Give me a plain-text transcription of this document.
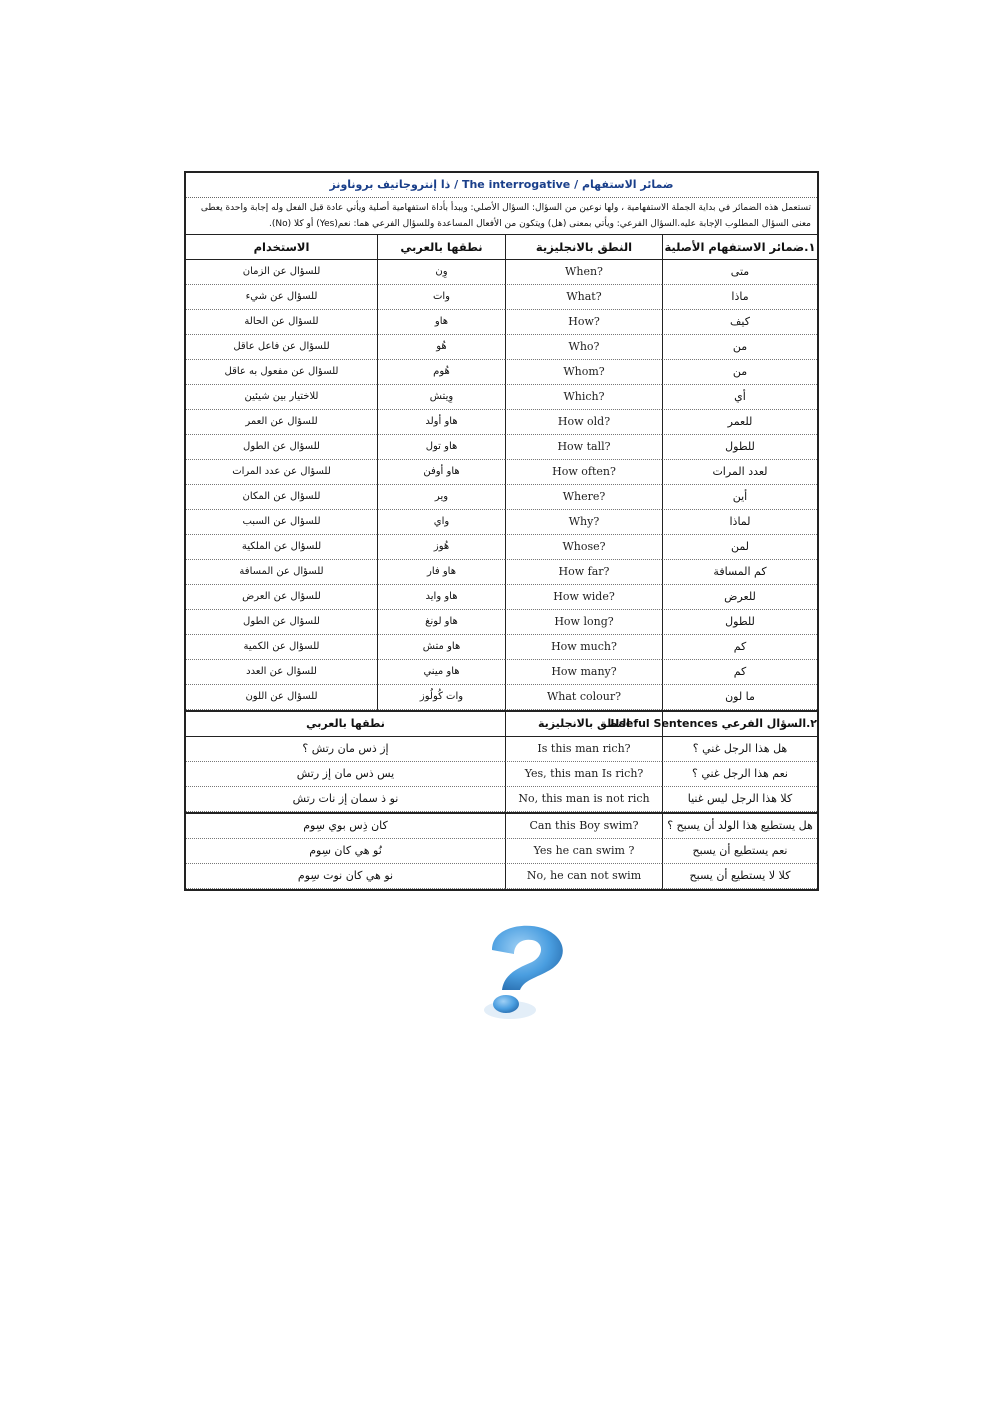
ضمائر الاستفهام / The interrogative / ذا إنتروجاتيف بروناونز
تستعمل هذه الضمائر في بداية الجملة الاستفهامية ، ولها نوعين من السؤال: السؤال الأصلي: ويبدأ بأداة استفهامية أصلية ويأتي عادة قبل الفعل وله إجابة واحدة يعطى معنى السؤال المطلوب الإجابة عليه.السؤال الفرعي: ويأتي بمعنى (هل) ويتكون من الأفعال المساعدة وللسؤال الفرعي هما: نعم(Yes) أو كلا (No).
١.ضمائر الاستفهام الأصلية
النطق بالانجليزية
نطقها بالعربي
الاستخدام
متى
When?
وِن
للسؤال عن الزمان
ماذا
What?
وات
للسؤال عن شيء
كيف
How?
هاو
للسؤال عن الحالة
من
Who?
هُو
للسؤال عن فاعل عاقل
من
Whom?
هُوم
للسؤال عن مفعول به عاقل
أي
Which?
وِيتش
للاختيار بين شيئين
للعمر
How old?
هاو أولد
للسؤال عن العمر
للطول
How tall?
هاو تول
للسؤال عن الطول
لعدد المرات
How often?
هاو أوفن
للسؤال عن عدد المرات
أين
Where?
وير
للسؤال عن المكان
لماذا
Why?
واي
للسؤال عن السبب
لمن
Whose?
هُوز
للسؤال عن الملكية
كم المسافة
How far?
هاو فار
للسؤال عن المسافة
للعرض
How wide?
هاو وايد
للسؤال عن العرض
للطول
How long?
هاو لونغ
للسؤال عن الطول
كم
How much?
هاو متش
للسؤال عن الكمية
كم
How many?
هاو ميني
للسؤال عن العدد
ما لون
What colour?
وات كُولُوز
للسؤال عن اللون
٢.السؤال الفرعي Useful Sentences
النطق بالانجليزية
نطقها بالعربي
هل هذا الرجل غني ؟
Is this man rich?
إز ذس مان رتش ؟
نعم هذا الرجل غني ؟
Yes, this man Is rich?
يس ذس مان إز رتش
كلا هذا الرجل ليس غنيا
No, this man is not rich
نو ذ سمان إز نات رتش
هل يستطيع هذا الولد أن يسبح ؟
Can this Boy swim?
كان ذِس بوي سِوم
نعم يستطيع أن يسبح
Yes he can swim ?
نُو هي كان سِوم
كلا لا يستطيع أن يسبح
No, he can not swim
نو هي كان نوت سِوم
